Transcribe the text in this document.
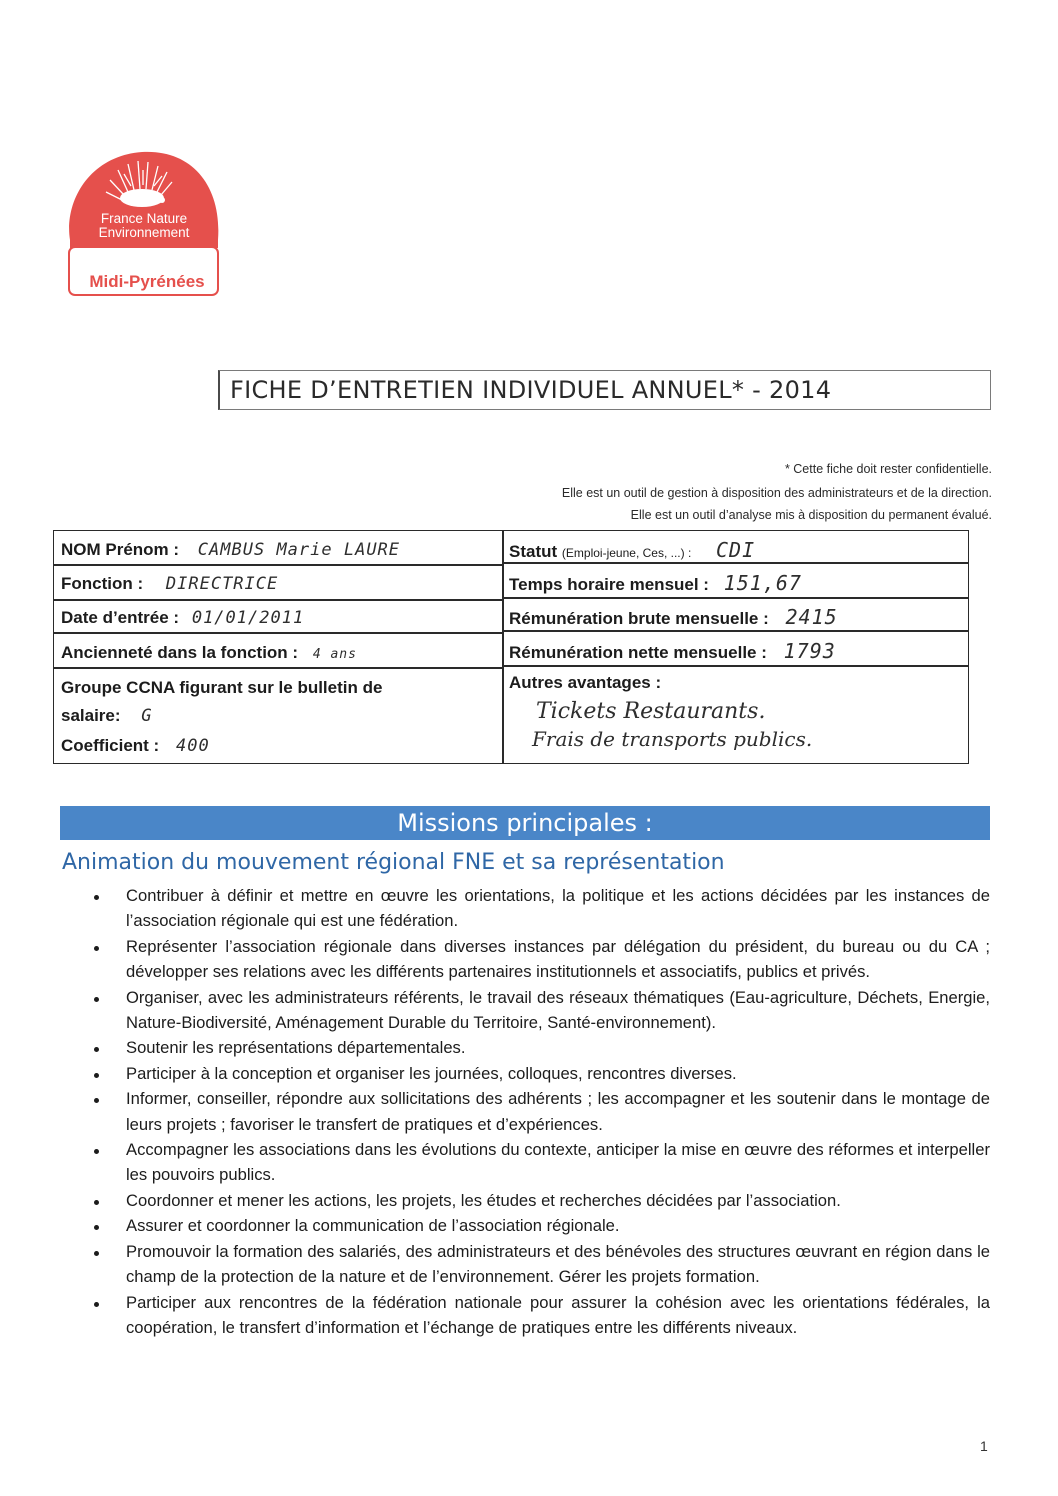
France Nature
Environnement
Midi-Pyrénées
FICHE D’ENTRETIEN INDIVIDUEL ANNUEL* - 2014
* Cette fiche doit rester confidentielle.
Elle est un outil de gestion à disposition des administrateurs et de la direction.
Elle est un outil d’analyse mis à disposition du permanent évalué.
NOM Prénom : CAMBUS Marie LAURE
Fonction : DIRECTRICE
Date d’entrée : 01/01/2011
Ancienneté dans la fonction : 4 ans
Groupe CCNA figurant sur le bulletin de
salaire: G
Coefficient : 400
Statut (Emploi-jeune, Ces, ...) : CDI
Temps horaire mensuel : 151,67
Rémunération brute mensuelle : 2415
Rémunération nette mensuelle : 1793
Autres avantages :
Tickets Restaurants.
Frais de transports publics.
Missions principales :
Animation du mouvement régional FNE et sa représentation
Contribuer à définir et mettre en œuvre les orientations, la politique et les actions décidées par les instances de l’association régionale qui est une fédération.
Représenter l’association régionale dans diverses instances par délégation du président, du bureau ou du CA ; développer ses relations avec les différents partenaires institutionnels et associatifs, publics et privés.
Organiser, avec les administrateurs référents, le travail des réseaux thématiques (Eau-agriculture, Déchets, Energie, Nature-Biodiversité, Aménagement Durable du Territoire, Santé-environnement).
Soutenir les représentations départementales.
Participer à la conception et organiser les journées, colloques, rencontres diverses.
Informer, conseiller, répondre aux sollicitations des adhérents ; les accompagner et les soutenir dans le montage de leurs projets ; favoriser le transfert de pratiques et d’expériences.
Accompagner les associations dans les évolutions du contexte, anticiper la mise en œuvre des réformes et interpeller les pouvoirs publics.
Coordonner et mener les actions, les projets, les études et recherches décidées par l’association.
Assurer et coordonner la communication de l’association régionale.
Promouvoir la formation des salariés, des administrateurs et des bénévoles des structures œuvrant en région dans le champ de la protection de la nature et de l’environnement. Gérer les projets formation.
Participer aux rencontres de la fédération nationale pour assurer la cohésion avec les orientations fédérales, la coopération, le transfert d’information et l’échange de pratiques entre les différents niveaux.
1
